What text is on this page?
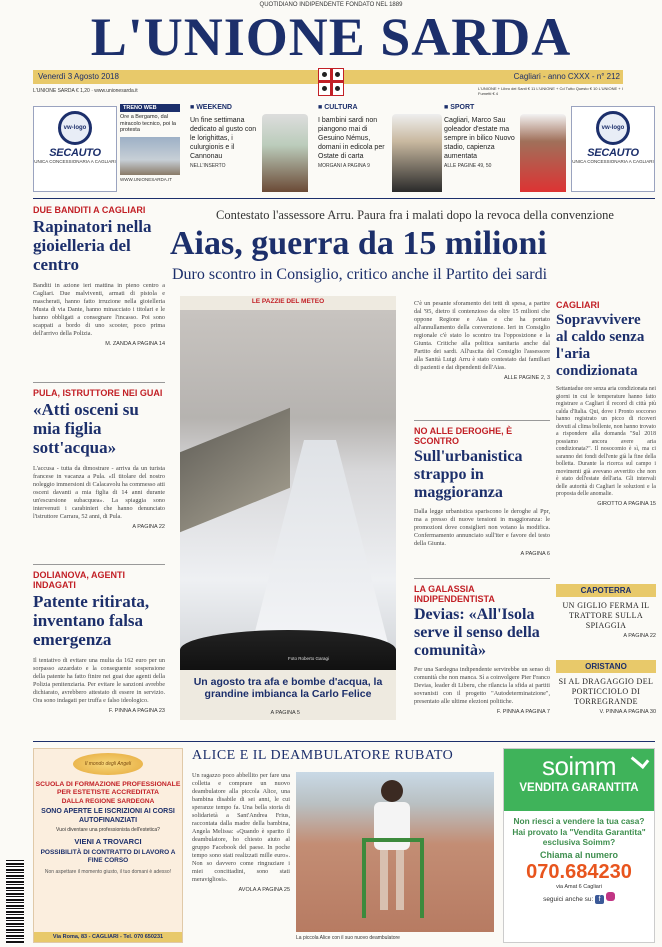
QUOTIDIANO INDIPENDENTE FONDATO NEL 1889
L'UNIONE SARDA
Venerdì 3 Agosto 2018	Cagliari - anno CXXX - n° 212
L'UNIONE SARDA € 1,20 · www.unionesarda.it	L'UNIONE + Libro dei Santi € 11 L'UNIONE + Cd Tutto Questo € 10 L'UNIONE + I Fumetti € 4
vw-logo
SECAUTO
UNICA CONCESSIONARIA A CAGLIARI
vw-logo
SECAUTO
UNICA CONCESSIONARIA A CAGLIARI
TRENO WEB
Ore a Bergamo, dal miracolo tecnico, poi la protesta
WWW.UNIONESARDA.IT
■ WEEKEND
Un fine settimana dedicato al gusto con le lorighittas, i culurgionis e il Cannonau
NELL'INSERTO
■ CULTURA
I bambini sardi non piangono mai di Gesuino Némus, domani in edicola per Ostate di carta
MORGANI A PAGINA 9
■ SPORT
Cagliari, Marco Sau goleador d'estate ma sempre in bilico Nuovo stadio, capienza aumentata
ALLE PAGINE 49, 50
DUE BANDITI A CAGLIARI
Rapinatori nella gioielleria del centro
Banditi in azione ieri mattina in pieno centro a Cagliari. Due malviventi, armati di pistola e mascherati, hanno fatto irruzione nella gioielleria Musta di via Dante, hanno minacciato i titolari e le hanno obbligati a consegnare l'incasso. Poi sono scappati a bordo di uno scooter, poco prima dell'arrivo della Polizia.
M. ZANDA A PAGINA 14
PULA, ISTRUTTORE NEI GUAI
«Atti osceni su mia figlia sott'acqua»
L'accusa - tutta da dimostrare - arriva da un turista francese in vacanza a Pula. «Il titolare del nostro noleggio immersioni di Calacavolu ha commesso atti osceni davanti a mia figlia di 14 anni durante un'escursione subacquea». La spiaggia sono intervenuti i carabinieri che hanno denunciato l'istruttore Carrara, 52 anni, di Pula.
A PAGINA 22
DOLIANOVA, AGENTI INDAGATI
Patente ritirata, inventano falsa emergenza
Il tentativo di evitare una multa da 162 euro per un sorpasso azzardato e la conseguente sospensione della patente ha fatto finire nei guai due agenti della Polizia penitenziaria. Per evitare le sanzioni avrebbe dichiarato, avrebbero attestato di essere in servizio. Ora sono indagati per truffa e falso ideologico.
F. PINNA A PAGINA 23
Contestato l'assessore Arru. Paura fra i malati dopo la revoca della convenzione
Aias, guerra da 15 milioni
Duro scontro in Consiglio, critico anche il Partito dei sardi
LE PAZZIE DEL METEO
Foto Roberto Garagi
Un agosto tra afa e bombe d'acqua, la grandine imbianca la Carlo Felice
A PAGINA 5
C'è un pesante sforamento dei tetti di spesa, a partire dal '95, dietro il contenzioso da oltre 15 milioni che oppone Regione e Aias e che ha portato all'annullamento della convenzione. Ieri in Consiglio regionale c'è stato lo scontro tra l'opposizione e la Giunta. Critiche alla politica sanitaria anche dal Partito dei sardi. All'uscita del Consiglio l'assessore alla Sanità Luigi Arru è stato contestato dai familiari di pazienti e dai dipendenti dell'Aias.
ALLE PAGINE 2, 3
NO ALLE DEROGHE, È SCONTRO
Sull'urbanistica strappo in maggioranza
Dalla legge urbanistica spariscono le deroghe al Ppr, ma a presso di nuove tensioni in maggioranza: le promozioni dove consiglieri non votano la modifica. Confermamento annunciato sull'iter e favore del testo della Giunta.
A PAGINA 6
LA GALASSIA INDIPENDENTISTA
Devias: «All'Isola serve il senso della comunità»
Per una Sardegna indipendente servirebbe un senso di comunità che non manca. Sì a coinvolgere Pier Franco Devias, leader di Liberu, che rilancia la sfida ai partiti sovranisti con il progetto "Autodeterminatzione", presentato alle ultime elezioni politiche.
F. PINNA A PAGINA 7
CAGLIARI
Sopravvivere al caldo senza l'aria condizionata
Settantadue ore senza aria condizionata nei giorni in cui le temperature hanno fatto registrare a Cagliari il record di città più calda d'Italia. Qui, dove i Pronto soccorso hanno registrato un picco di ricoveri dovuti al clima bollente, non hanno trovato a rispondere alla domanda "Sul 2018 possiamo ancora avere aria condizionata?". Il nosocomio è sì, ma ci saranno dei fondi dell'ente già la fine della bolletta. Durante la ricerca sul campo i movimenti già avevano avvertito che non è stato dell'estate dell'aria. Gli intervali delle autorità di Cagliari le soluzioni e la proposta delle anomalie.
GIROTTO A PAGINA 15
CAPOTERRA
UN GIGLIO FERMA IL TRATTORE SULLA SPIAGGIA
A PAGINA 22
ORISTANO
SI AL DRAGAGGIO DEL PORTICCIOLO DI TORREGRANDE
V. PINNA A PAGINA 30
Il mondo degli Angeli
SCUOLA DI FORMAZIONE PROFESSIONALE PER ESTETISTE ACCREDITATA
DALLA REGIONE SARDEGNA
SONO APERTE LE ISCRIZIONI AI CORSI AUTOFINANZIATI
Vuoi diventare una professionista dell'estetica?
VIENI A TROVARCI
POSSIBILITÀ DI CONTRATTO DI LAVORO A FINE CORSO
Non aspettare il momento giusto, il tuo domani è adesso!
Via Roma, 83 - CAGLIARI - Tel. 070 650231
ALICE E IL DEAMBULATORE RUBATO
Un ragazzo poco abbellito per fare una colletta e comprare un nuovo deambulatore alla piccola Alice, una bambina disabile di sei anni, le cui speranze tempo fa. Una bella storia di solidarietà a Sant'Andrea Frius, raccontata dalla madre della bambina, Angela Melissa: «Quando è sparito il deambulatore, ho chiesto aiuto al gruppo Facebook del paese. In poche tempo sono stati realizzati mille euro». Non so davvero come ringraziare i miei concittadini, sono stati meravigliosi».
AVOLA A PAGINA 25
La piccola Alice con il suo nuovo deambulatore
soimm
VENDITA GARANTITA
Non riesci a vendere la tua casa? Hai provato la "Vendita Garantita" esclusiva Soimm?
Chiama al numero
070.684230
via Amat 6 Cagliari
seguici anche su: f
